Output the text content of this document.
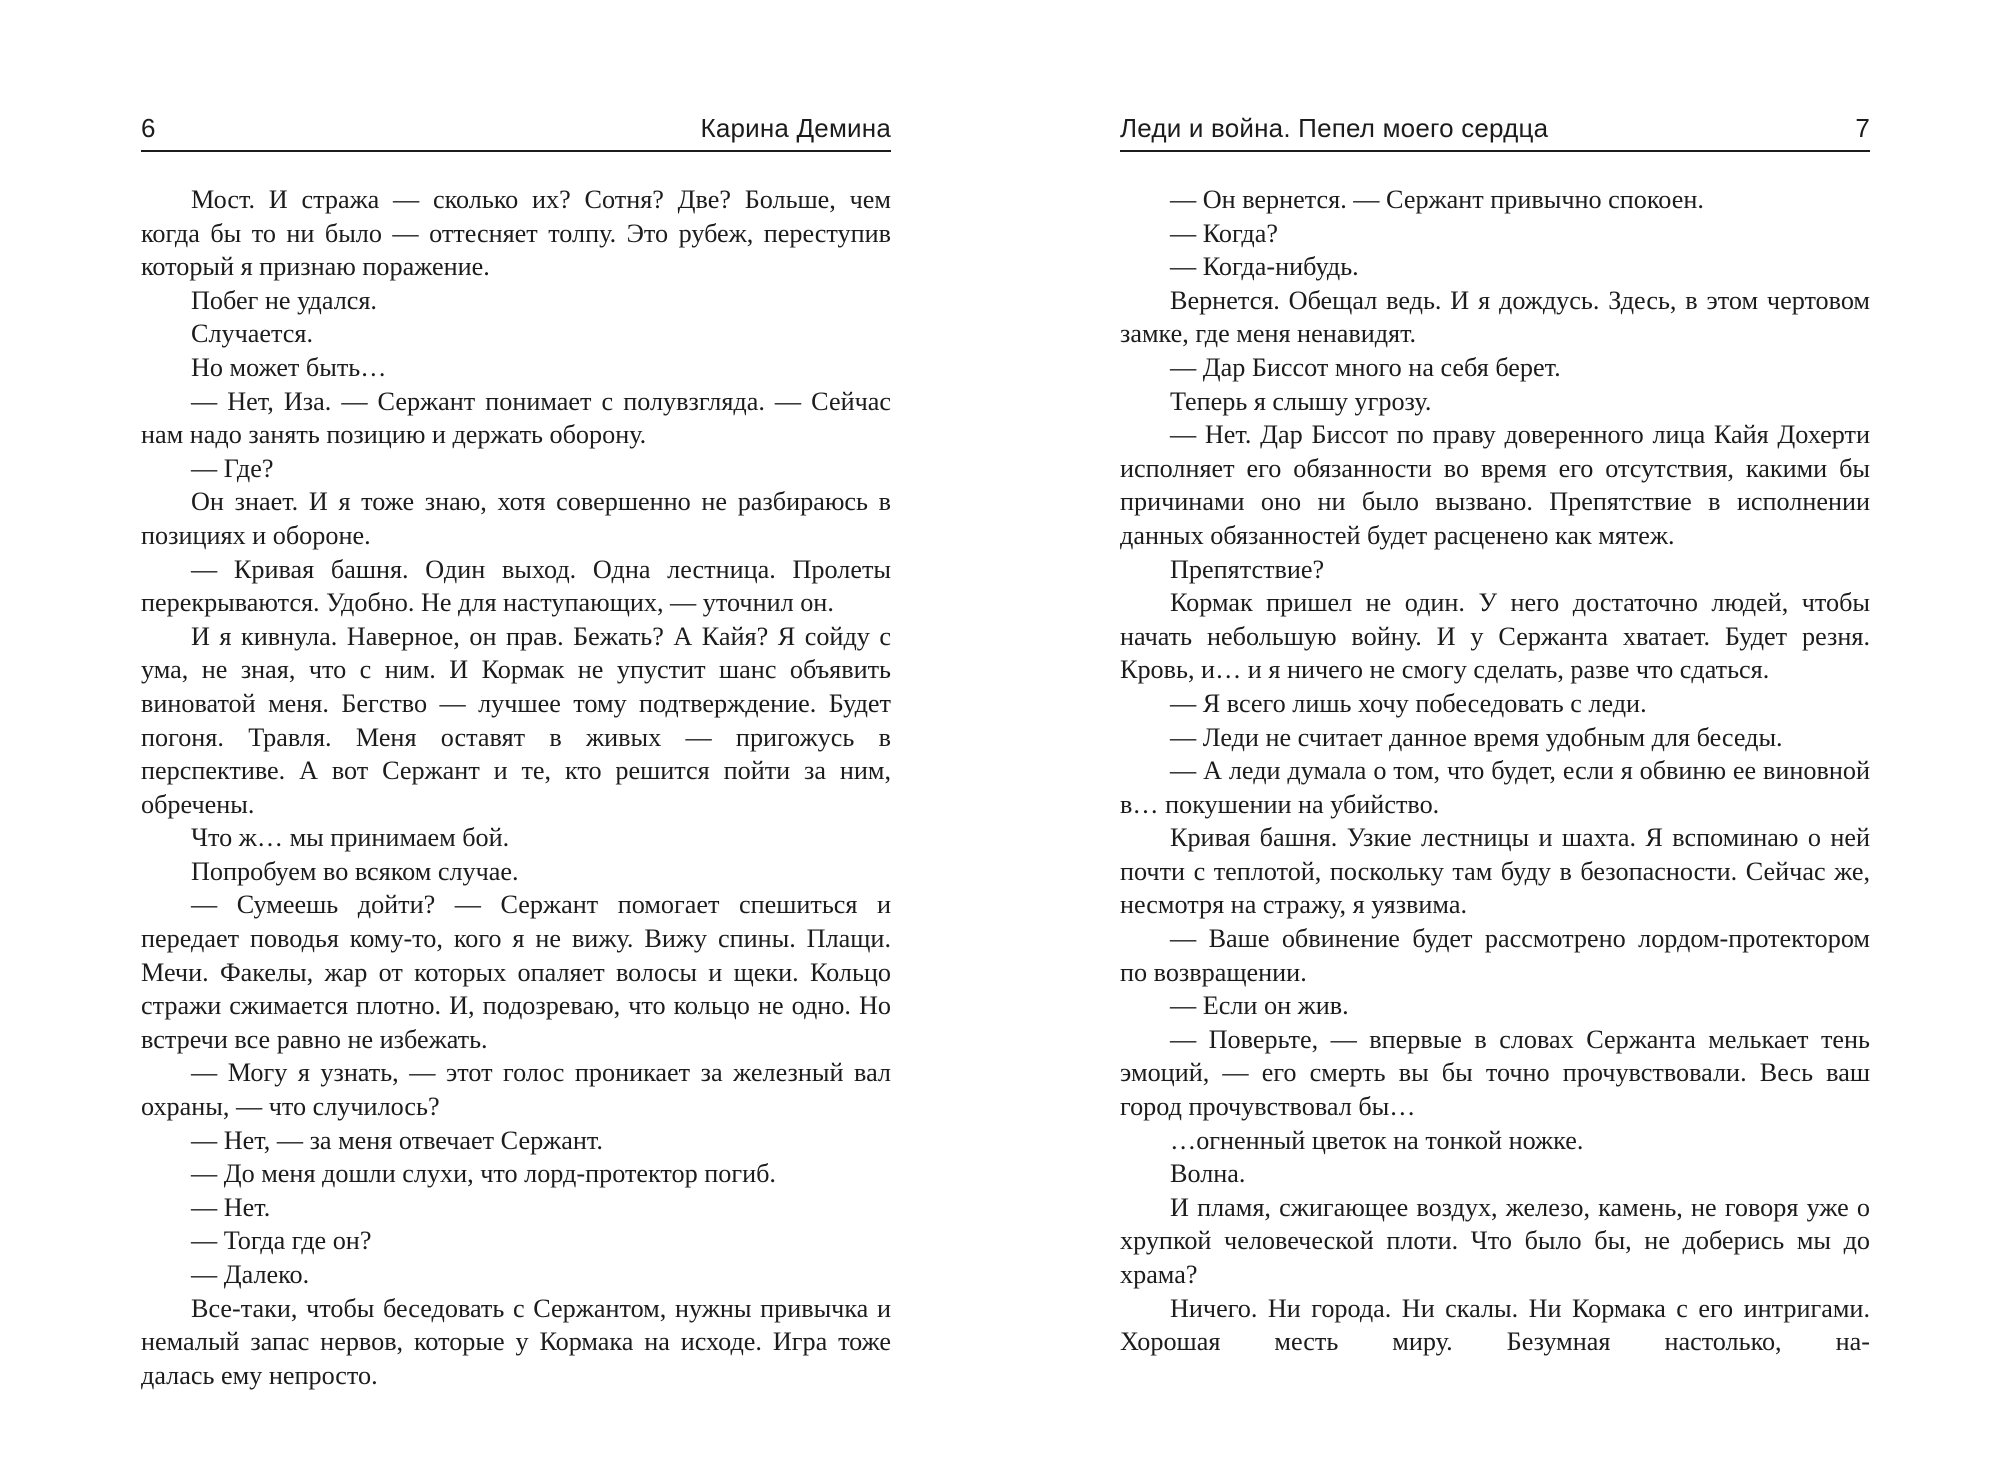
6	Карина Демина

Мост. И стража — сколько их? Сотня? Две? Больше, чем когда бы то ни было — оттесняет толпу. Это рубеж, переступив который я признаю поражение.

Побег не удался.

Случается.

Но может быть…

— Нет, Иза. — Сержант понимает с полувзгляда. — Сейчас нам надо занять позицию и держать оборону.

— Где?

Он знает. И я тоже знаю, хотя совершенно не разбираюсь в позициях и обороне.

— Кривая башня. Один выход. Одна лестница. Пролеты перекрываются. Удобно. Не для наступающих, — уточнил он.

И я кивнула. Наверное, он прав. Бежать? А Кайя? Я сойду с ума, не зная, что с ним. И Кормак не упустит шанс объявить виноватой меня. Бегство — лучшее тому подтверждение. Будет погоня. Травля. Меня оставят в живых — пригожусь в перспективе. А вот Сержант и те, кто решится пойти за ним, обречены.

Что ж… мы принимаем бой.

Попробуем во всяком случае.

— Сумеешь дойти? — Сержант помогает спешиться и передает поводья кому-то, кого я не вижу. Вижу спины. Плащи. Мечи. Факелы, жар от которых опаляет волосы и щеки. Кольцо стражи сжимается плотно. И, подозреваю, что кольцо не одно. Но встречи все равно не избежать.

— Могу я узнать, — этот голос проникает за железный вал охраны, — что случилось?

— Нет, — за меня отвечает Сержант.

— До меня дошли слухи, что лорд-протектор погиб.

— Нет.

— Тогда где он?

— Далеко.

Все-таки, чтобы беседовать с Сержантом, нужны привычка и немалый запас нервов, которые у Кормака на исходе. Игра тоже далась ему непросто.

Леди и война. Пепел моего сердца	7

— Он вернется. — Сержант привычно спокоен.

— Когда?

— Когда-нибудь.

Вернется. Обещал ведь. И я дождусь. Здесь, в этом чертовом замке, где меня ненавидят.

— Дар Биссот много на себя берет.

Теперь я слышу угрозу.

— Нет. Дар Биссот по праву доверенного лица Кайя Дохерти исполняет его обязанности во время его отсутствия, какими бы причинами оно ни было вызвано. Препятствие в исполнении данных обязанностей будет расценено как мятеж.

Препятствие?

Кормак пришел не один. У него достаточно людей, чтобы начать небольшую войну. И у Сержанта хватает. Будет резня. Кровь, и… и я ничего не смогу сделать, разве что сдаться.

— Я всего лишь хочу побеседовать с леди.

— Леди не считает данное время удобным для беседы.

— А леди думала о том, что будет, если я обвиню ее виновной в… покушении на убийство.

Кривая башня. Узкие лестницы и шахта. Я вспоминаю о ней почти с теплотой, поскольку там буду в безопасности. Сейчас же, несмотря на стражу, я уязвима.

— Ваше обвинение будет рассмотрено лордом-протектором по возвращении.

— Если он жив.

— Поверьте, — впервые в словах Сержанта мелькает тень эмоций, — его смерть вы бы точно прочувствовали. Весь ваш город прочувствовал бы…

…огненный цветок на тонкой ножке.

Волна.

И пламя, сжигающее воздух, железо, камень, не говоря уже о хрупкой человеческой плоти. Что было бы, не доберись мы до храма?

Ничего. Ни города. Ни скалы. Ни Кормака с его интригами. Хорошая месть миру. Безумная настолько, на-
